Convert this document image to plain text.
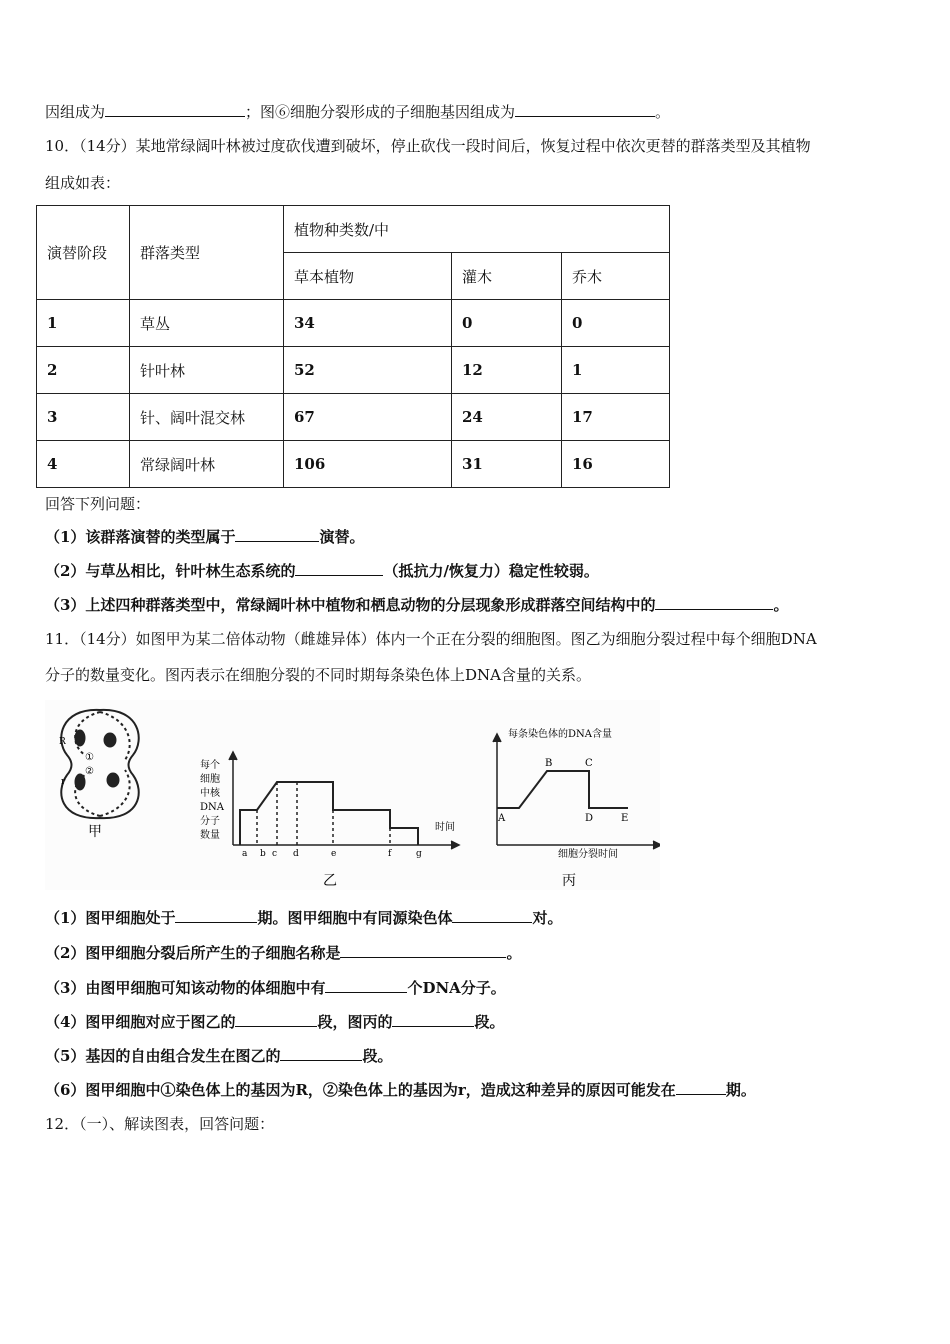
因组成为	；图⑥细胞分裂形成的子细胞基因组成为	。
10．（14分）某地常绿阔叶林被过度砍伐遭到破坏，停止砍伐一段时间后，恢复过程中依次更替的群落类型及其植物
组成如表：
演替阶段	群落类型	植物种类数/中		
		草本植物	灌木	乔木
1	草丛	34	0	0
2	针叶林	52	12	1
3	针、阔叶混交林	67	24	17
4	常绿阔叶林	106	31	16
回答下列问题：
（1）该群落演替的类型属于	演替。
（2）与草丛相比，针叶林生态系统的	（抵抗力/恢复力）稳定性较弱。
（3）上述四种群落类型中，常绿阔叶林中植物和栖息动物的分层现象形成群落空间结构中的	。
11．（14分）如图甲为某二倍体动物（雌雄异体）体内一个正在分裂的细胞图。图乙为细胞分裂过程中每个细胞DNA
分子的数量变化。图丙表示在细胞分裂的不同时期每条染色体上DNA含量的关系。
R
r
①
②
甲
每个
细胞
中核
DNA
分子
数量
时间
a b c d	e	f	g
乙
每条染色体的DNA含量
细胞分裂时间
A
B	C
D	E
丙
（1）图甲细胞处于	期。图甲细胞中有同源染色体	对。
（2）图甲细胞分裂后所产生的子细胞名称是	。
（3）由图甲细胞可知该动物的体细胞中有	个DNA分子。
（4）图甲细胞对应于图乙的	段，图丙的	段。
（5）基因的自由组合发生在图乙的	段。
（6）图甲细胞中①染色体上的基因为R，②染色体上的基因为r，造成这种差异的原因可能发在	期。
12．（一）、解读图表，回答问题：
